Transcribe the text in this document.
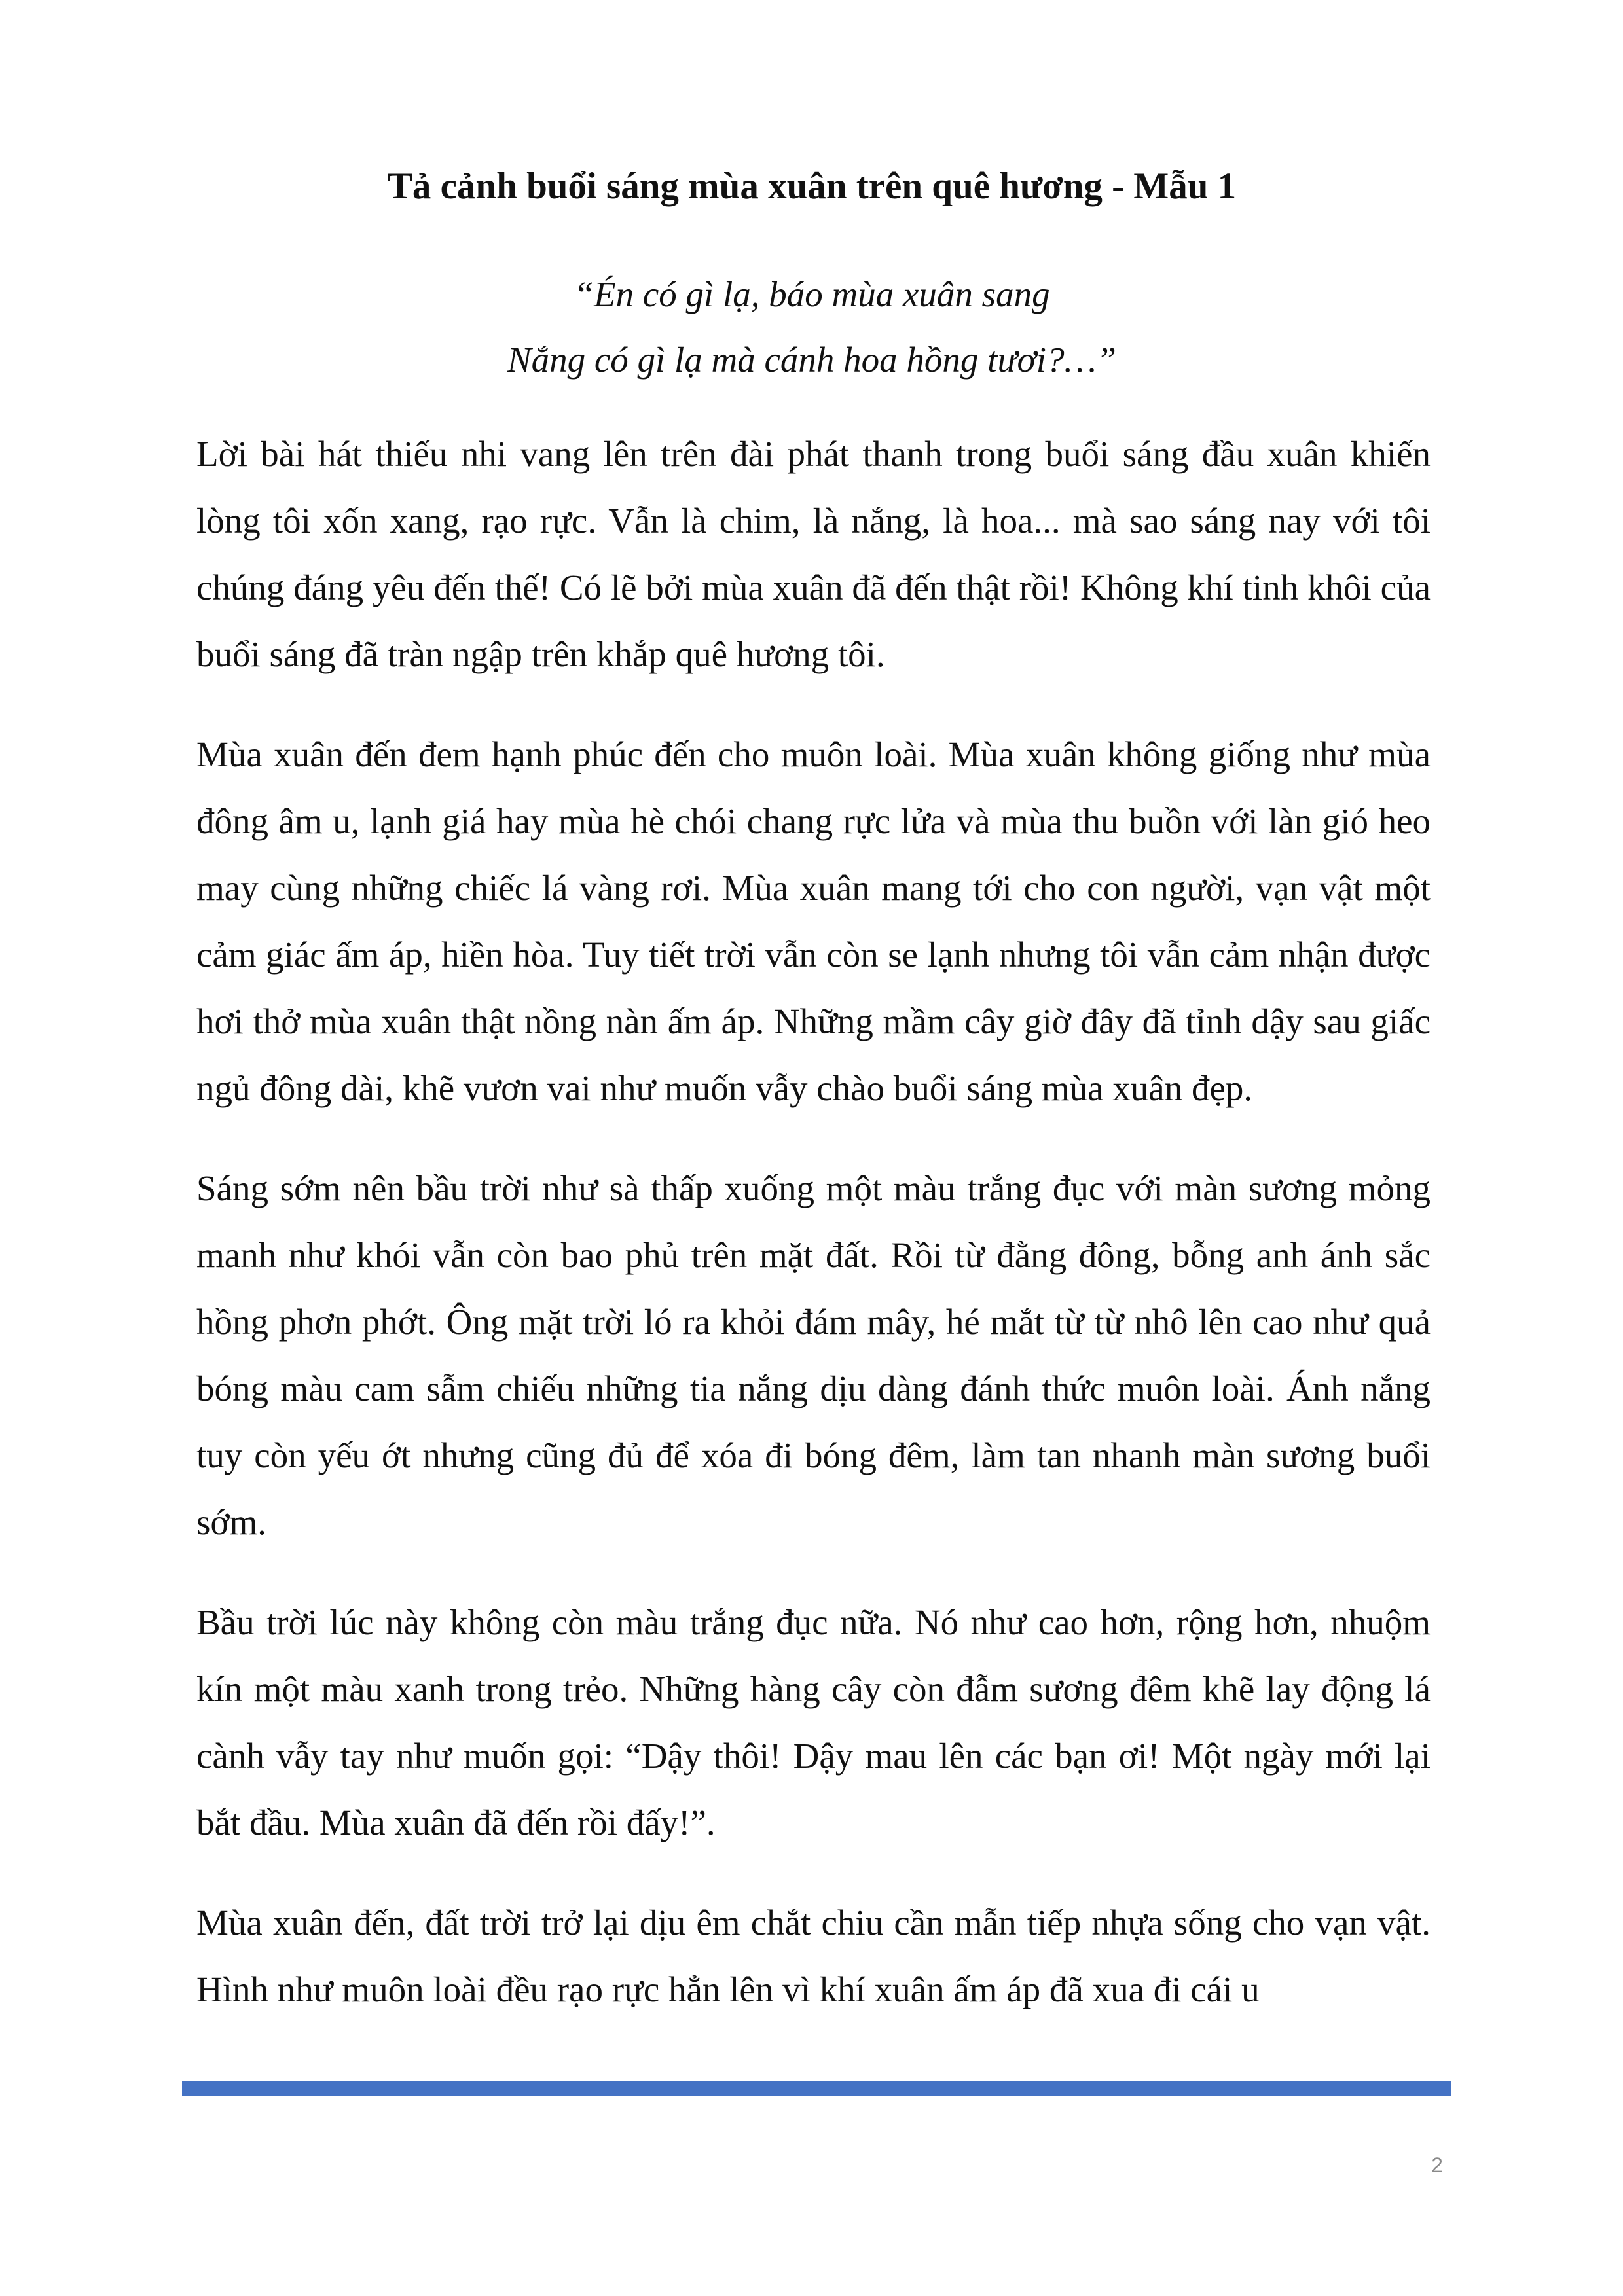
Tả cảnh buổi sáng mùa xuân trên quê hương - Mẫu 1
“Én có gì lạ, báo mùa xuân sang
Nắng có gì lạ mà cánh hoa hồng tươi?…”

Lời bài hát thiếu nhi vang lên trên đài phát thanh trong buổi sáng đầu xuân khiến lòng tôi xốn xang, rạo rực. Vẫn là chim, là nắng, là hoa... mà sao sáng nay với tôi chúng đáng yêu đến thế! Có lẽ bởi mùa xuân đã đến thật rồi! Không khí tinh khôi của buổi sáng đã tràn ngập trên khắp quê hương tôi.

Mùa xuân đến đem hạnh phúc đến cho muôn loài. Mùa xuân không giống như mùa đông âm u, lạnh giá hay mùa hè chói chang rực lửa và mùa thu buồn với làn gió heo may cùng những chiếc lá vàng rơi. Mùa xuân mang tới cho con người, vạn vật một cảm giác ấm áp, hiền hòa. Tuy tiết trời vẫn còn se lạnh nhưng tôi vẫn cảm nhận được hơi thở mùa xuân thật nồng nàn ấm áp. Những mầm cây giờ đây đã tỉnh dậy sau giấc ngủ đông dài, khẽ vươn vai như muốn vẫy chào buổi sáng mùa xuân đẹp.

Sáng sớm nên bầu trời như sà thấp xuống một màu trắng đục với màn sương mỏng manh như khói vẫn còn bao phủ trên mặt đất. Rồi từ đằng đông, bỗng anh ánh sắc hồng phơn phớt. Ông mặt trời ló ra khỏi đám mây, hé mắt từ từ nhô lên cao như quả bóng màu cam sẫm chiếu những tia nắng dịu dàng đánh thức muôn loài. Ánh nắng tuy còn yếu ớt nhưng cũng đủ để xóa đi bóng đêm, làm tan nhanh màn sương buổi sớm.

Bầu trời lúc này không còn màu trắng đục nữa. Nó như cao hơn, rộng hơn, nhuộm kín một màu xanh trong trẻo. Những hàng cây còn đẫm sương đêm khẽ lay động lá cành vẫy tay như muốn gọi: “Dậy thôi! Dậy mau lên các bạn ơi! Một ngày mới lại bắt đầu. Mùa xuân đã đến rồi đấy!”.

Mùa xuân đến, đất trời trở lại dịu êm chắt chiu cần mẫn tiếp nhựa sống cho vạn vật. Hình như muôn loài đều rạo rực hẳn lên vì khí xuân ấm áp đã xua đi cái u

2
